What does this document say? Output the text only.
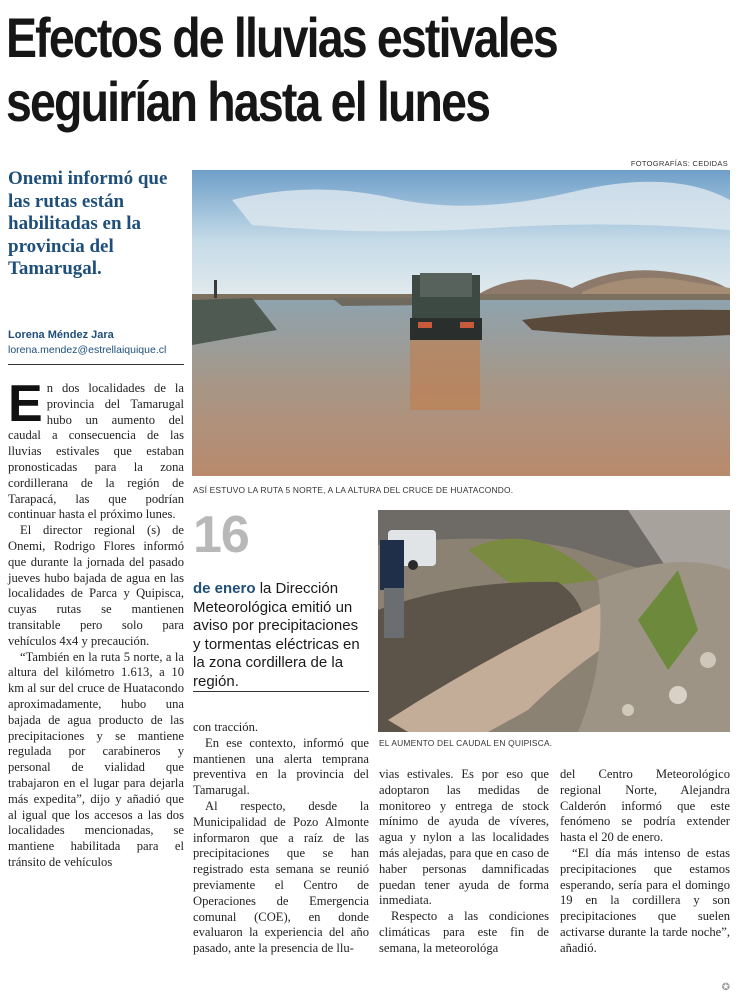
Efectos de lluvias estivales
seguirían hasta el lunes
FOTOGRAFÍAS: CEDIDAS

Onemi informó que las rutas están habilitadas en la provincia del Tamarugal.

Lorena Méndez Jara
lorena.mendez@estrellaiquique.cl
ASÍ ESTUVO LA RUTA 5 NORTE, A LA ALTURA DEL CRUCE DE HUATACONDO.
EL AUMENTO DEL CAUDAL EN QUIPISCA.
16
de enero la Dirección Meteorológica emitió un aviso por precipitaciones y tormentas eléctricas en la zona cordillera de la región.

En dos localidades de la provincia del Tamarugal hubo un aumento del caudal a consecuencia de las lluvias estivales que estaban pronosticadas para la zona cordillerana de la región de Tarapacá, las que podrían continuar hasta el próximo lunes.

El director regional (s) de Onemi, Rodrigo Flores informó que durante la jornada del pasado jueves hubo bajada de agua en las localidades de Parca y Quipisca, cuyas rutas se mantienen transitable pero solo para vehículos 4x4 y precaución.

“También en la ruta 5 norte, a la altura del kilómetro 1.613, a 10 km al sur del cruce de Huatacondo aproximadamente, hubo una bajada de agua producto de las precipitaciones y se mantiene regulada por carabineros y personal de vialidad que trabajaron en el lugar para dejarla más expedita”, dijo y añadió que al igual que los accesos a las dos localidades mencionadas, se mantiene habilitada para el tránsito de vehículos

con tracción.

En ese contexto, informó que mantienen una alerta temprana preventiva en la provincia del Tamarugal.

Al respecto, desde la Municipalidad de Pozo Almonte informaron que a raíz de las precipitaciones que se han registrado esta semana se reunió previamente el Centro de Operaciones de Emergencia comunal (COE), en donde evaluaron la experiencia del año pasado, ante la presencia de llu-

vias estivales. Es por eso que adoptaron las medidas de monitoreo y entrega de stock mínimo de ayuda de víveres, agua y nylon a las localidades más alejadas, para que en caso de haber personas damnificadas puedan tener ayuda de forma inmediata.

Respecto a las condiciones climáticas para este fin de semana, la meteorológa

del Centro Meteorológico regional Norte, Alejandra Calderón informó que este fenómeno se podría extender hasta el 20 de enero.

“El día más intenso de estas precipitaciones que estamos esperando, sería para el domingo 19 en la cordillera y son precipitaciones que suelen activarse durante la tarde noche”, añadió.

✪
